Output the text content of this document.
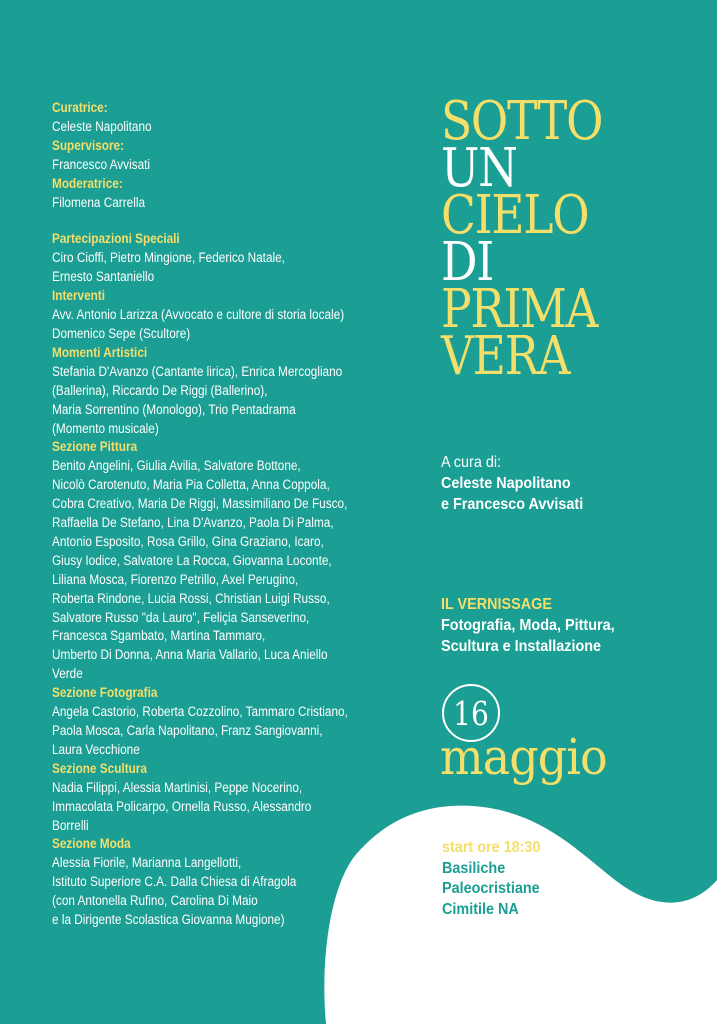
Curatrice:
Celeste Napolitano
Supervisore:
Francesco Avvisati
Moderatrice:
Filomena Carrella
Partecipazioni Speciali
Ciro Cioffi, Pietro Mingione, Federico Natale,
Ernesto Santaniello
Interventi
Avv. Antonio Larizza (Avvocato e cultore di storia locale)
Domenico Sepe (Scultore)
Momenti Artistici
Stefania D'Avanzo (Cantante lirica), Enrica Mercogliano
(Ballerina), Riccardo De Riggi (Ballerino),
Maria Sorrentino (Monologo), Trio Pentadrama
(Momento musicale)
Sezione Pittura
Benito Angelini, Giulia Avilia, Salvatore Bottone,
Nicolò Carotenuto, Maria Pia Colletta, Anna Coppola,
Cobra Creativo, Maria De Riggi, Massimiliano De Fusco,
Raffaella De Stefano, Lina D'Avanzo, Paola Di Palma,
Antonio Esposito, Rosa Grillo, Gina Graziano, Icaro,
Giusy Iodice, Salvatore La Rocca, Giovanna Loconte,
Liliana Mosca, Fiorenzo Petrillo, Axel Perugino,
Roberta Rindone, Lucia Rossi, Christian Luigi Russo,
Salvatore Russo "da Lauro", Feliçia Sanseverino,
Francesca Sgambato, Martina Tammaro,
Umberto Di Donna, Anna Maria Vallario, Luca Aniello
Verde
Sezione Fotografia
Angela Castorio, Roberta Cozzolino, Tammaro Cristiano,
Paola Mosca, Carla Napolitano, Franz Sangiovanni,
Laura Vecchione
Sezione Scultura
Nadia Filippi, Alessia Martinisi, Peppe Nocerino,
Immacolata Policarpo, Ornella Russo, Alessandro
Borrelli
Sezione Moda
Alessia Fiorile, Marianna Langellotti,
Istituto Superiore C.A. Dalla Chiesa di Afragola
(con Antonella Rufino, Carolina Di Maio
e la Dirigente Scolastica Giovanna Mugione)
SOTTO
UN
CIELO
DI
PRIMA
VERA
A cura di:
Celeste Napolitano
e Francesco Avvisati
IL VERNISSAGE
Fotografia, Moda, Pittura,
Scultura e Installazione
16
maggio
start ore 18:30
Basiliche
Paleocristiane
Cimitile NA
